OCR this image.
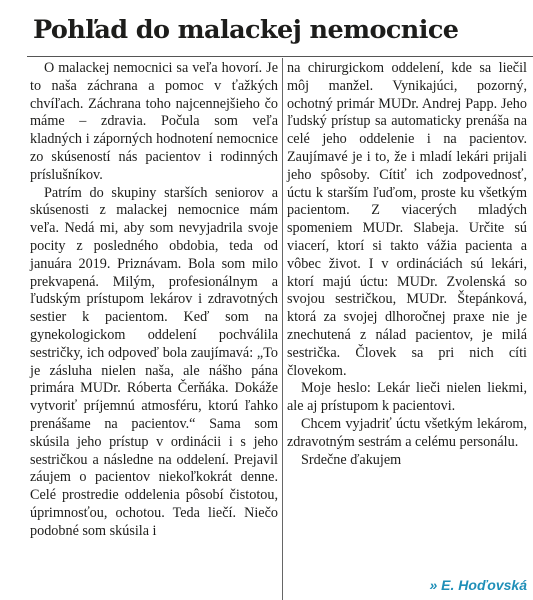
Pohľad do malackej nemocnice

O malackej nemocnici sa veľa hovorí. Je to naša záchrana a pomoc v ťažkých chvíľach. Záchrana toho najcennejšieho čo máme – zdravia. Počula som veľa kladných i záporných hodnotení nemocnice zo skúseností nás pacientov i rodinných príslušníkov.

Patrím do skupiny starších seniorov a skúsenosti z malackej nemocnice mám veľa. Nedá mi, aby som nevyjadrila svoje pocity z posledného obdobia, teda od januára 2019. Priznávam. Bola som milo prekvapená. Milým, profesionálnym a ľudským prístupom lekárov i zdravotných sestier k pacientom. Keď som na gynekologickom oddelení pochválila sestričky, ich odpoveď bola zaujímavá: „To je zásluha nielen naša, ale nášho pána primára MUDr. Róberta Čerňáka. Dokáže vytvoriť príjemnú atmosféru, ktorú ľahko prenášame na pacientov.“ Sama som skúsila jeho prístup v ordinácii i s jeho sestričkou a následne na oddelení. Prejavil záujem o pacientov niekoľkokrát denne. Celé prostredie oddelenia pôsobí čistotou, úprimnosťou, ochotou. Teda liečí. Niečo podobné som skúsila i

na chirurgickom oddelení, kde sa liečil môj manžel. Vynikajúci, pozorný, ochotný primár MUDr. Andrej Papp. Jeho ľudský prístup sa automaticky prenáša na celé jeho oddelenie i na pacientov. Zaujímavé je i to, že i mladí lekári prijali jeho spôsoby. Cítiť ich zodpovednosť, úctu k starším ľuďom, proste ku všetkým pacientom. Z viacerých mladých spomeniem MUDr. Slabeja. Určite sú viacerí, ktorí si takto vážia pacienta a vôbec život. I v ordináciách sú lekári, ktorí majú úctu: MUDr. Zvolenská so svojou sestričkou, MUDr. Štepánková, ktorá za svojej dlhoročnej praxe nie je znechutená z nálad pacientov, je milá sestrička. Človek sa pri nich cíti človekom.

Moje heslo: Lekár lieči nielen liekmi, ale aj prístupom k pacientovi.

Chcem vyjadriť úctu všetkým lekárom, zdravotným sestrám a celému personálu.

Srdečne ďakujem

» E. Hoďovská
